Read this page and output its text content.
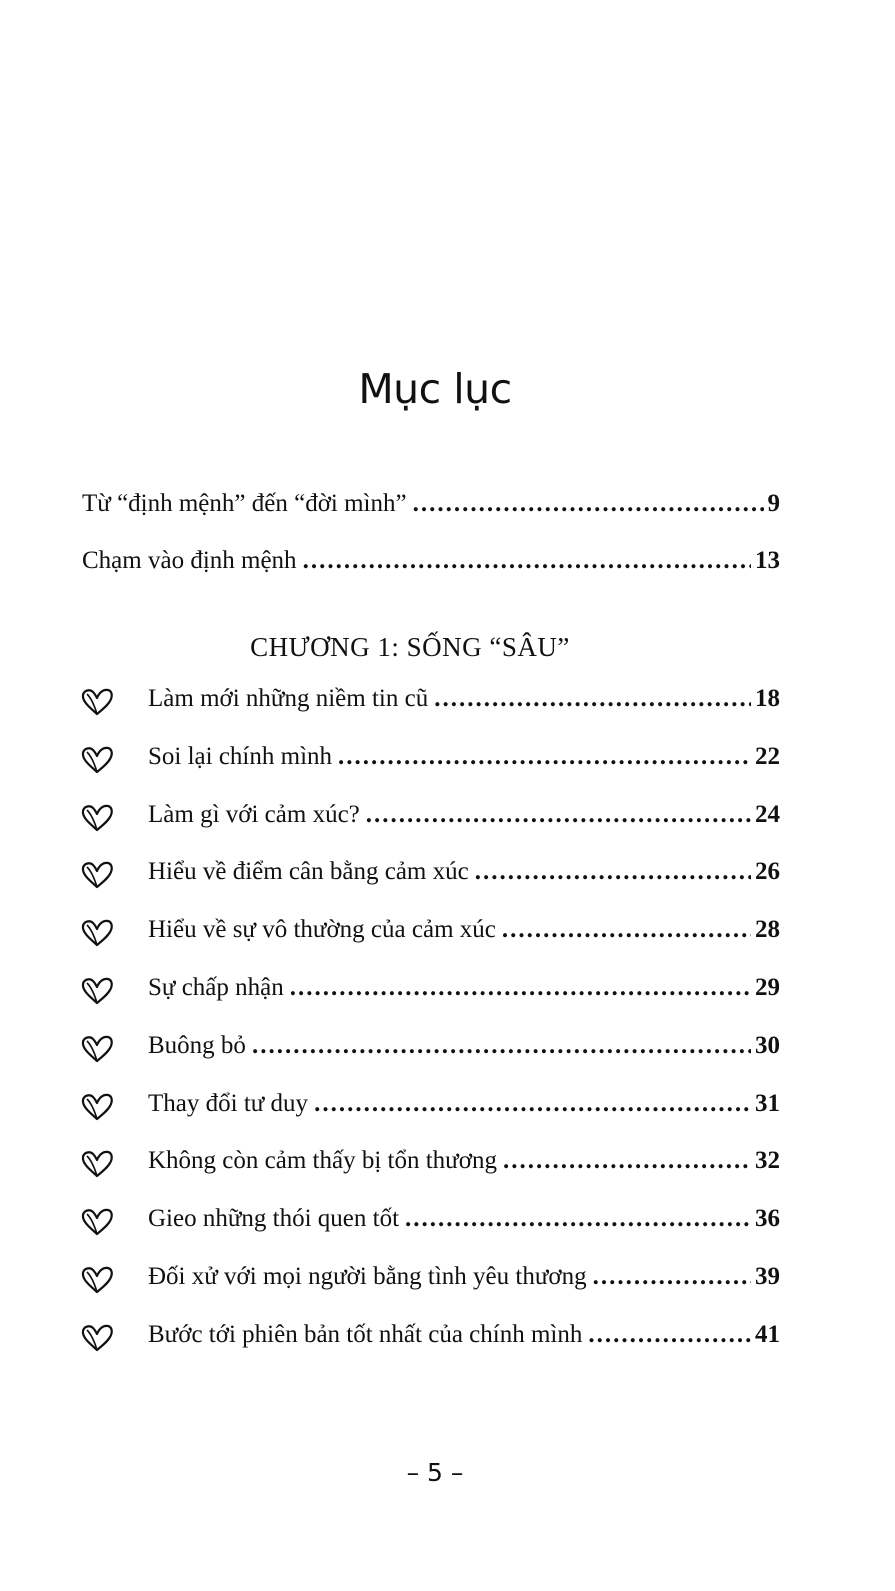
Mục lục
Từ “định mệnh” đến “đời mình” .....	9
Chạm vào định mệnh .....	13
CHƯƠNG 1: SỐNG “SÂU”
Làm mới những niềm tin cũ .....	18
Soi lại chính mình .....	22
Làm gì với cảm xúc? .....	24
Hiểu về điểm cân bằng cảm xúc .....	26
Hiểu về sự vô thường của cảm xúc .....	28
Sự chấp nhận .....	29
Buông bỏ .....	30
Thay đổi tư duy .....	31
Không còn cảm thấy bị tổn thương .....	32
Gieo những thói quen tốt .....	36
Đối xử với mọi người bằng tình yêu thương .....	39
Bước tới phiên bản tốt nhất của chính mình .....	41
– 5 –
